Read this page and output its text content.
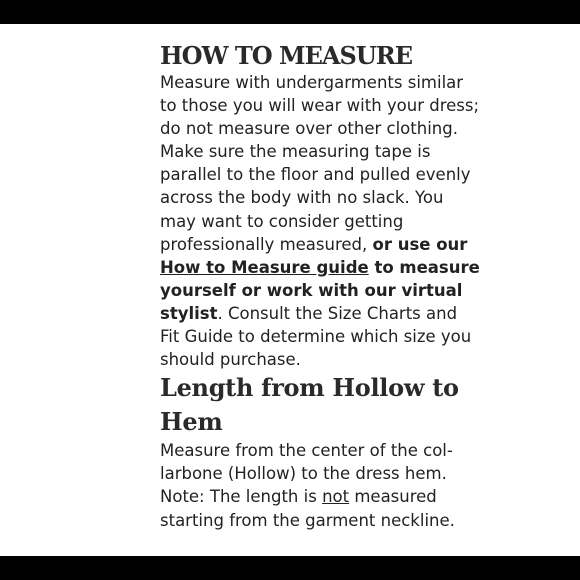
HOW TO MEASURE

Measure with undergarments similar to those you will wear with your dress; do not measure over other clothing. Make sure the measuring tape is parallel to the floor and pulled evenly across the body with no slack. You may want to consider getting professionally measured, or use our How to Measure guide to measure yourself or work with our virtual stylist. Consult the Size Charts and Fit Guide to determine which size you should purchase.

Length from Hollow to Hem

Measure from the center of the collarbone (Hollow) to the dress hem. Note: The length is not measured starting from the garment neckline.
